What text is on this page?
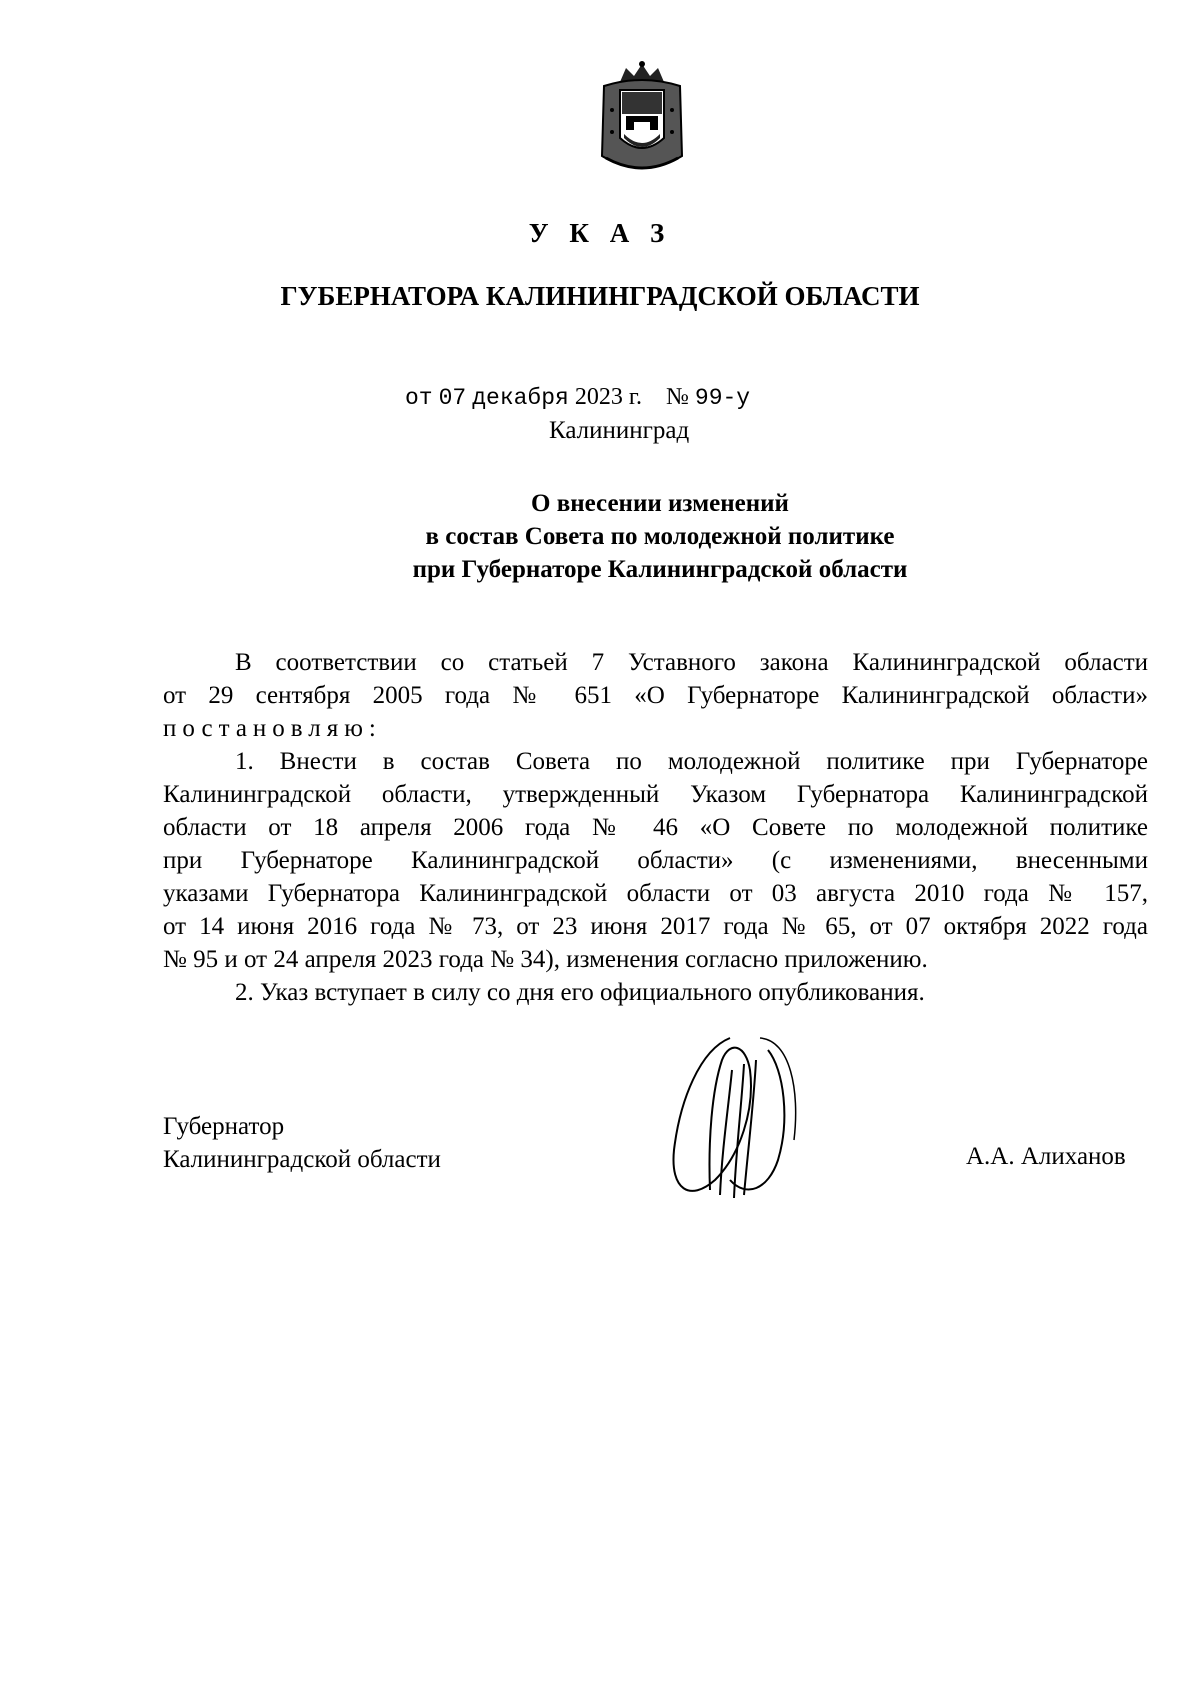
У К А З
ГУБЕРНАТОРА КАЛИНИНГРАДСКОЙ ОБЛАСТИ
от 07 декабря 2023 г. № 99-у
Калининград
О внесении изменений
в состав Совета по молодежной политике
при Губернаторе Калининградской области

В соответствии со статьей 7 Уставного закона Калининградской области

от 29 сентября 2005 года № 651 «О Губернаторе Калининградской области»

постановляю:

1. Внести в состав Совета по молодежной политике при Губернаторе

Калининградской области, утвержденный Указом Губернатора Калининградской

области от 18 апреля 2006 года № 46 «О Совете по молодежной политике

при Губернаторе Калининградской области» (с изменениями, внесенными

указами Губернатора Калининградской области от 03 августа 2010 года № 157,

от 14 июня 2016 года № 73, от 23 июня 2017 года № 65, от 07 октября 2022 года

№ 95 и от 24 апреля 2023 года № 34), изменения согласно приложению.

2. Указ вступает в силу со дня его официального опубликования.

Губернатор
Калининградской области	А.А. Алиханов
